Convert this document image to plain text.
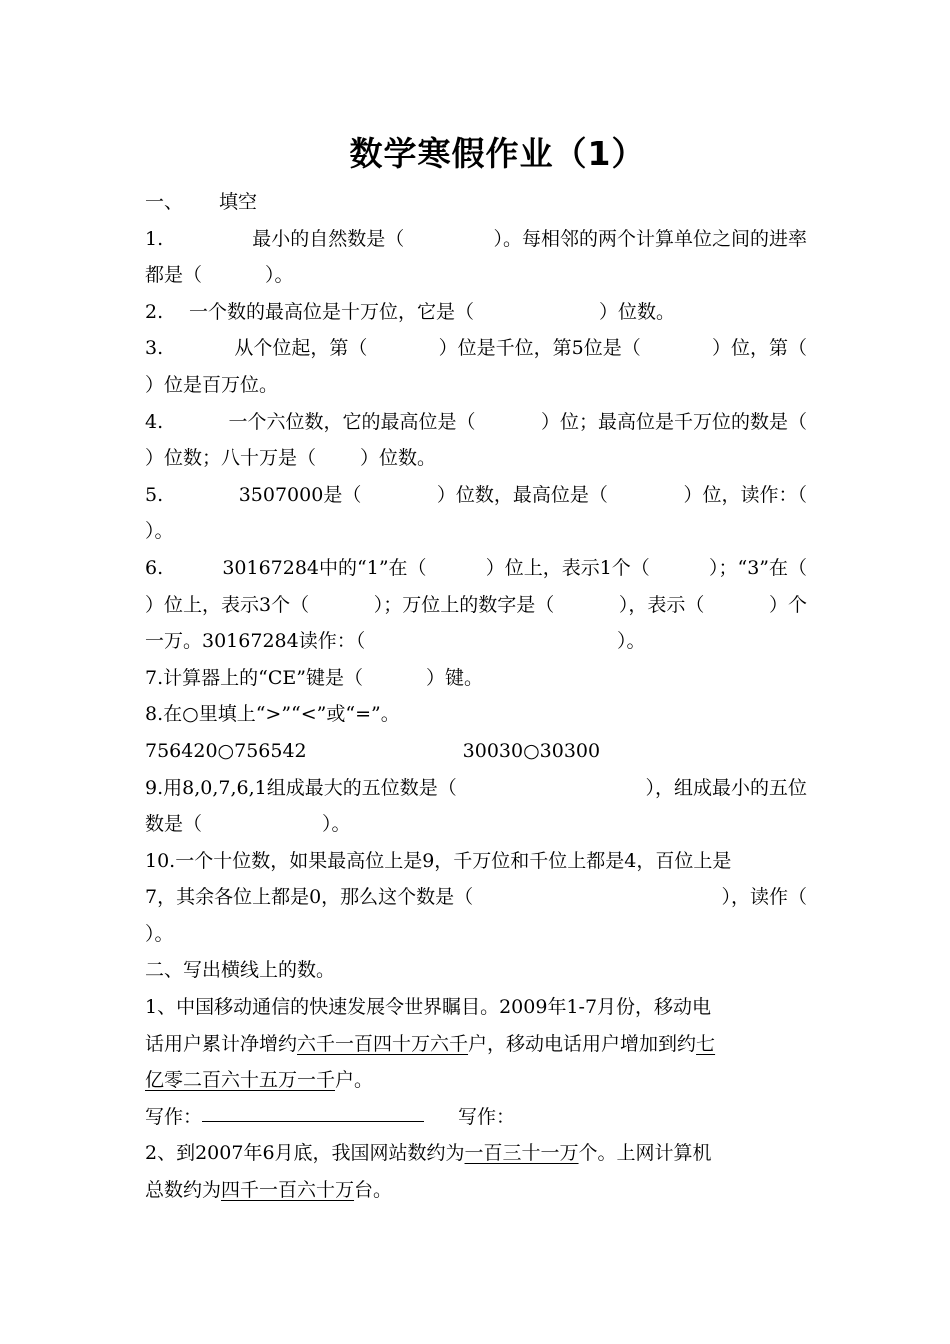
数学寒假作业（1）
一、 填空
1.	最小的自然数是（	）。每相邻的两个计算单位之间的进率
都是（　　　 ）。
2.	一个数的最高位是十万位，它是（	）位数。
3.	从个位起，第（	）位是千位，第5位是（	）位，第（
）位是百万位。
4.	一个六位数，它的最高位是（	）位；最高位是千万位的数是（
）位数；八十万是（　　 ）位数。
5.	3507000是（	）位数，最高位是（	）位，读作：（
）。
6.	30167284中的“1”在（	）位上，表示1个（	）；“3”在（
）位上，表示3个（	）；万位上的数字是（	），表示（	）个
一万。30167284读作：（	）。
7.计算器上的“CE”键是（　　　 ）键。
8.在○里填上“>”“<”或“=”。
756420○756542	30030○30300
9.用8,0,7,6,1组成最大的五位数是（	），组成最小的五位
数是（　　　　　　 ）。
10.一个十位数，如果最高位上是9，千万位和千位上都是4，百位上是
7，其余各位上都是0，那么这个数是（	），读作（
）。
二、写出横线上的数。
1、中国移动通信的快速发展令世界瞩目。2009年1-7月份，移动电
话用户累计净增约 六千一百四十万六千 户，移动电话用户增加到约 七
亿零二百六十五万一千 户。
写作：	写作：
2、到2007年6月底，我国网站数约为 一百三十一万 个。上网计算机
总数约为 四千一百六十万 台。
